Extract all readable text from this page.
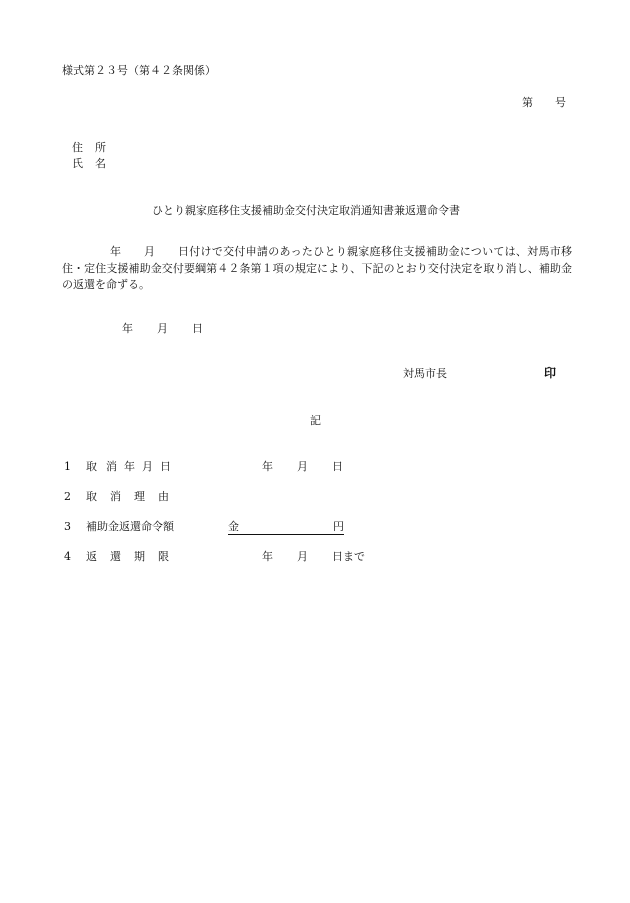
様式第２３号（第４２条関係）
第 号
住 所
氏 名
ひとり親家庭移住支援補助金交付決定取消通知書兼返還命令書
年 月 日付けで交付申請のあったひとり親家庭移住支援補助金については、対馬市移住・定住支援補助金交付要綱第４２条第１項の規定により、下記のとおり交付決定を取り消し、補助金の返還を命ずる。
年 月 日
対馬市長	印
記
1 取 消 年 月 日	年 月 日
2 取 消 理 由
3 補助金返還命令額	金	円
4 返 還 期 限	年 月 日まで
